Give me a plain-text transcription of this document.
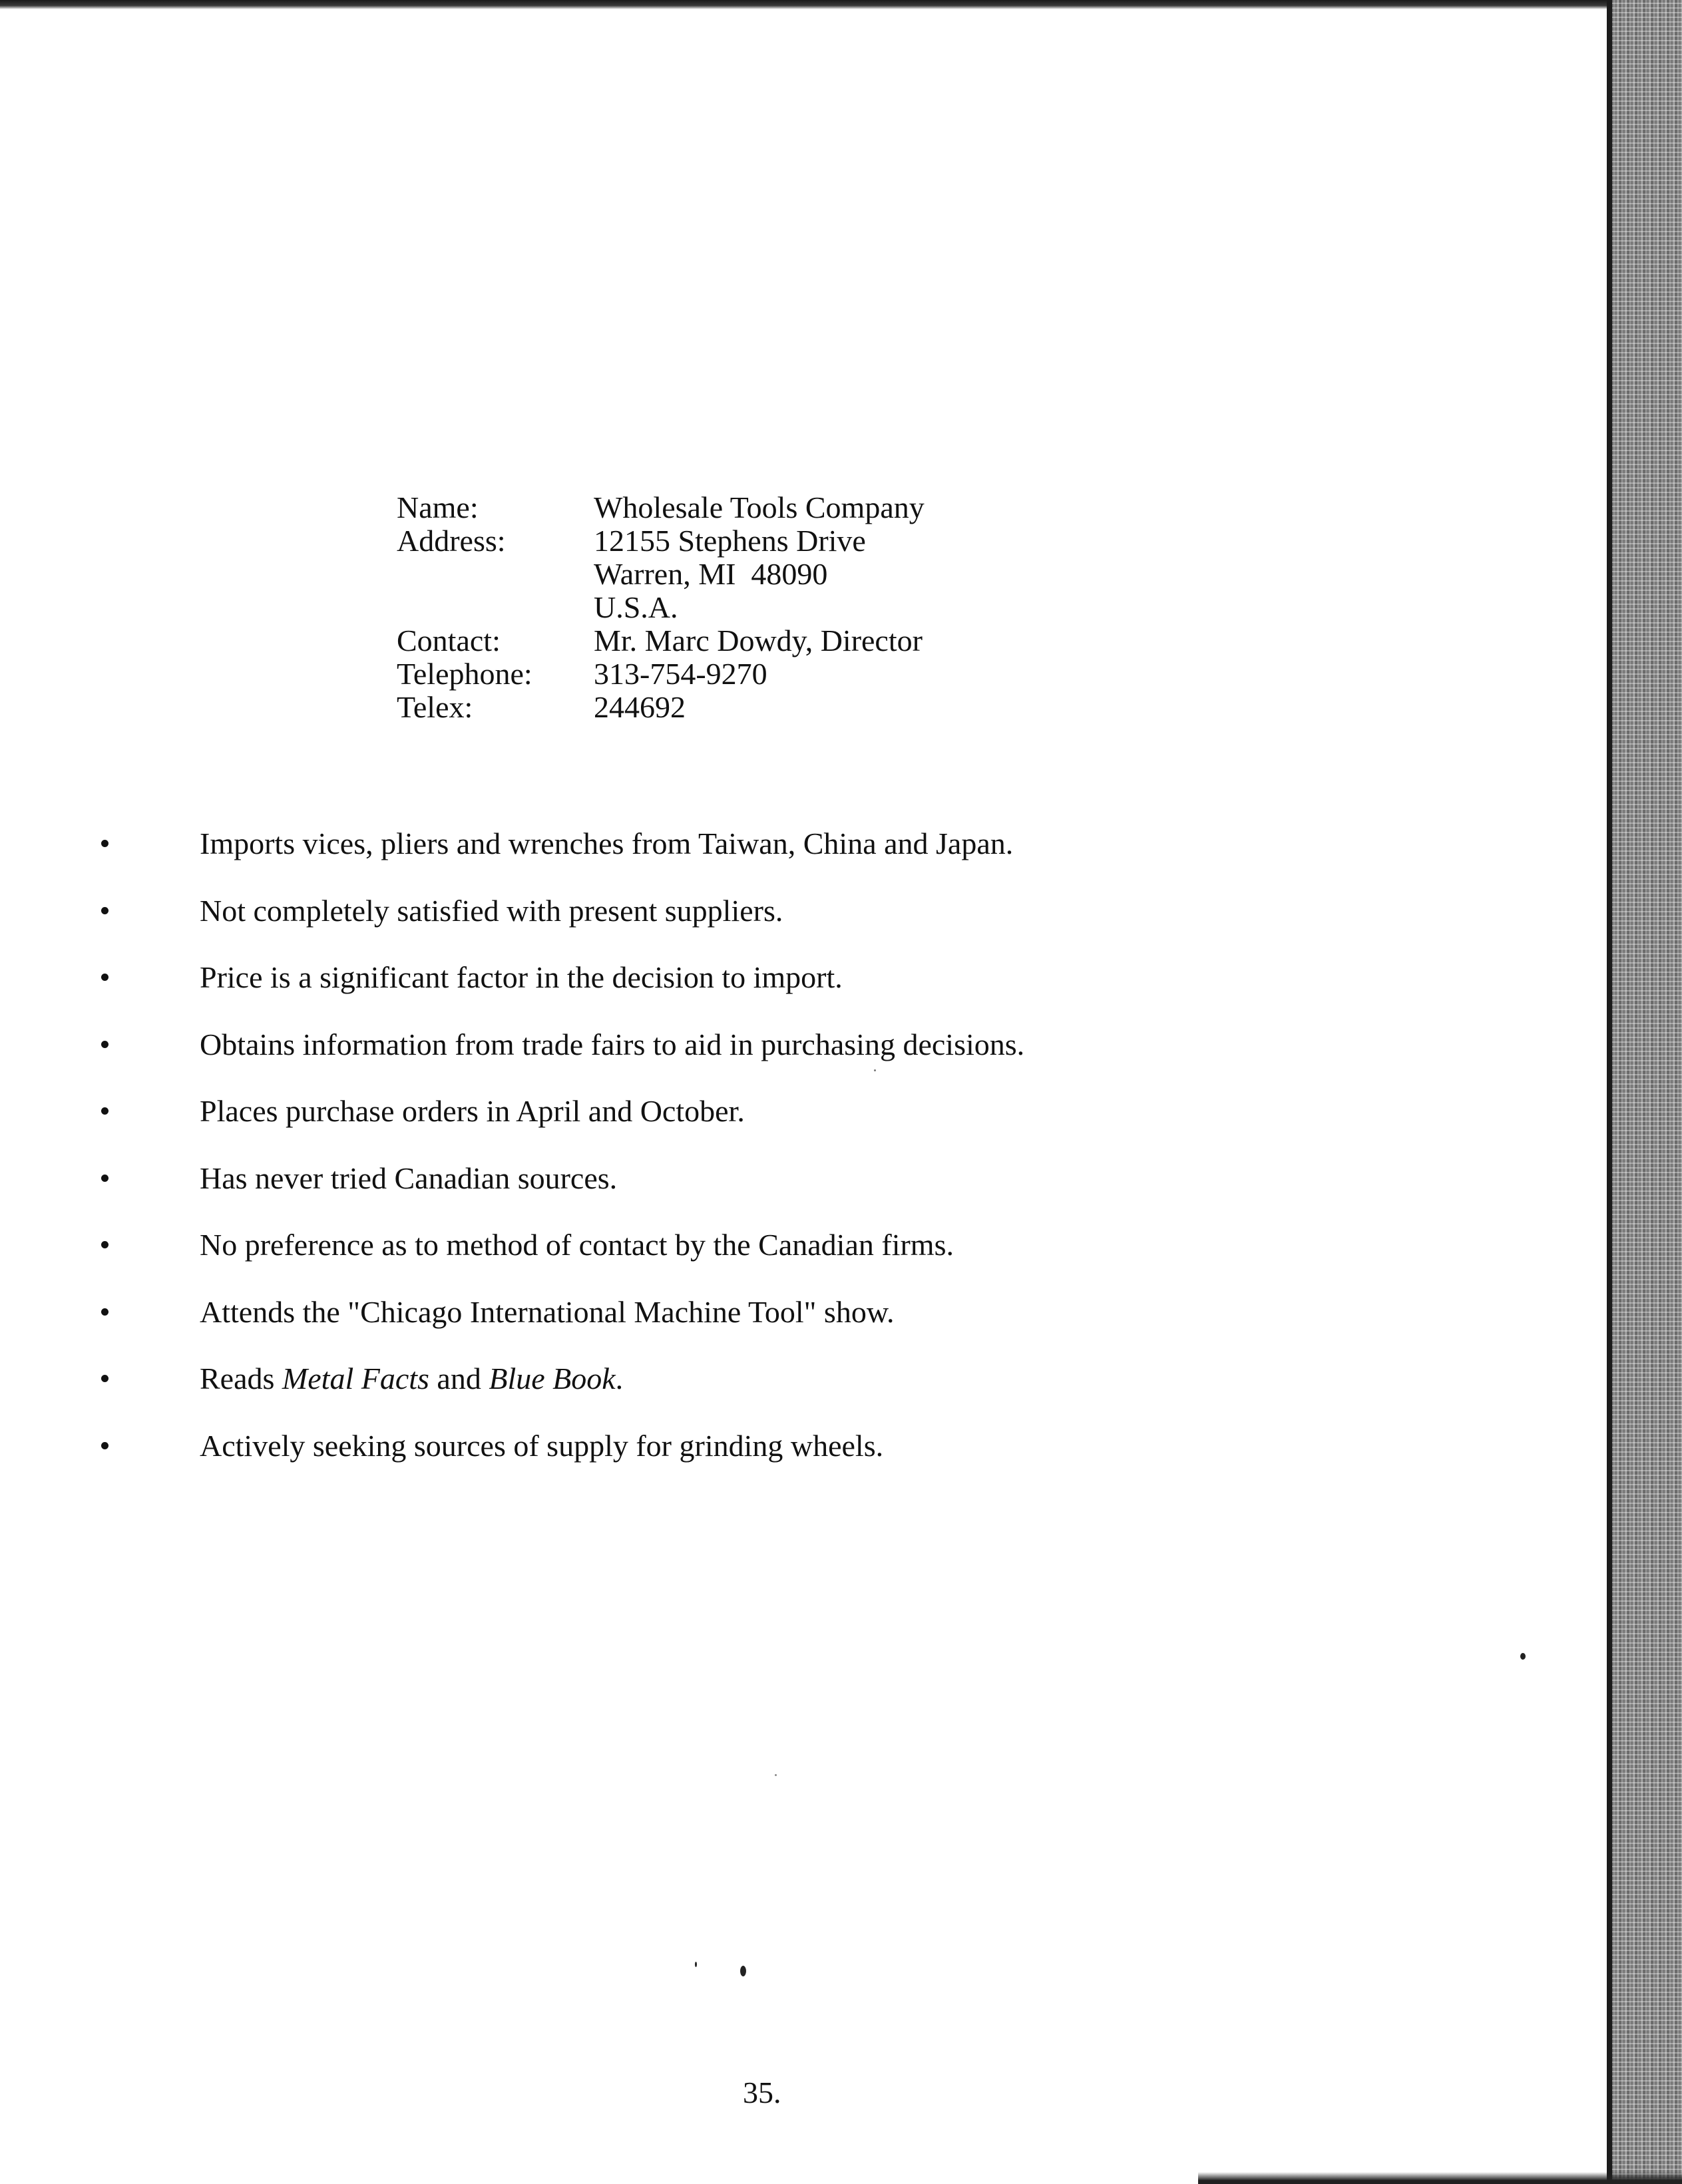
Name:	Wholesale Tools Company
Address:	12155 Stephens Drive
Warren, MI  48090
U.S.A.
Contact:	Mr. Marc Dowdy, Director
Telephone:	313-754-9270
Telex:	244692
Imports vices, pliers and wrenches from Taiwan, China and Japan.
Not completely satisfied with present suppliers.
Price is a significant factor in the decision to import.
Obtains information from trade fairs to aid in purchasing decisions.
Places purchase orders in April and October.
Has never tried Canadian sources.
No preference as to method of contact by the Canadian firms.
Attends the "Chicago International Machine Tool" show.
Reads Metal Facts and Blue Book.
Actively seeking sources of supply for grinding wheels.
35.
